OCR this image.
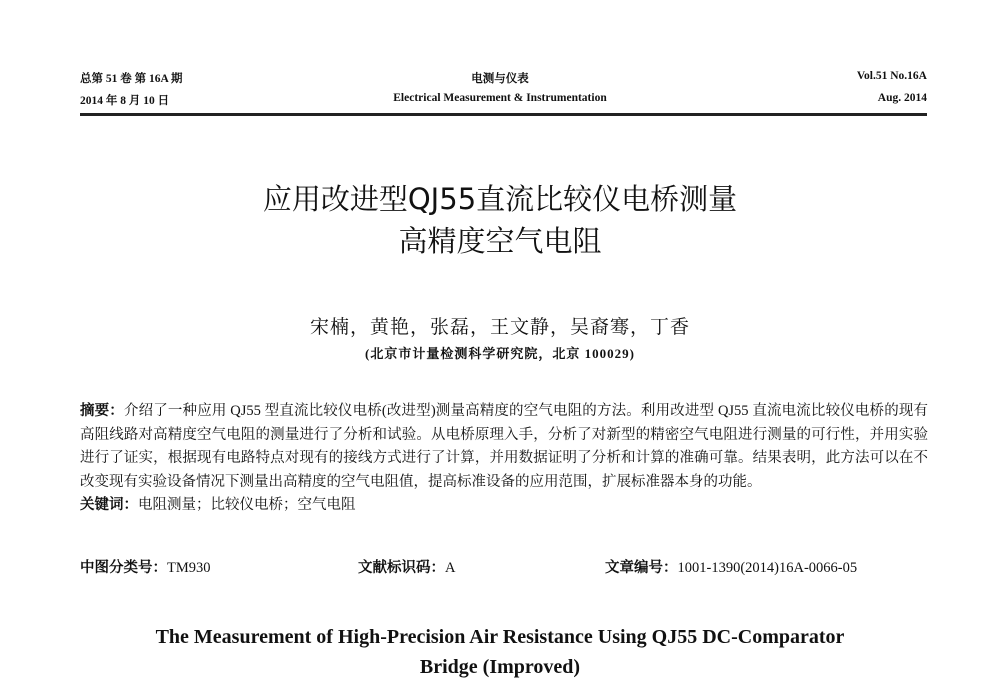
总第 51 卷 第 16A 期
2014 年 8 月 10 日
电测与仪表
Electrical Measurement & Instrumentation
Vol.51 No.16A
Aug. 2014
应用改进型QJ55直流比较仪电桥测量
高精度空气电阻
宋楠，黄艳，张磊，王文静，吴裔骞，丁香
(北京市计量检测科学研究院，北京 100029)
摘要：介绍了一种应用 QJ55 型直流比较仪电桥(改进型)测量高精度的空气电阻的方法。利用改进型 QJ55 直流电流比较仪电桥的现有高阻线路对高精度空气电阻的测量进行了分析和试验。从电桥原理入手，分析了对新型的精密空气电阻进行测量的可行性，并用实验进行了证实，根据现有电路特点对现有的接线方式进行了计算，并用数据证明了分析和计算的准确可靠。结果表明，此方法可以在不改变现有实验设备情况下测量出高精度的空气电阻值，提高标准设备的应用范围，扩展标准器本身的功能。
关键词：电阻测量；比较仪电桥；空气电阻
中图分类号：TM930	文献标识码：A	文章编号：1001-1390(2014)16A-0066-05
The Measurement of High-Precision Air Resistance Using QJ55 DC-Comparator
Bridge (Improved)
